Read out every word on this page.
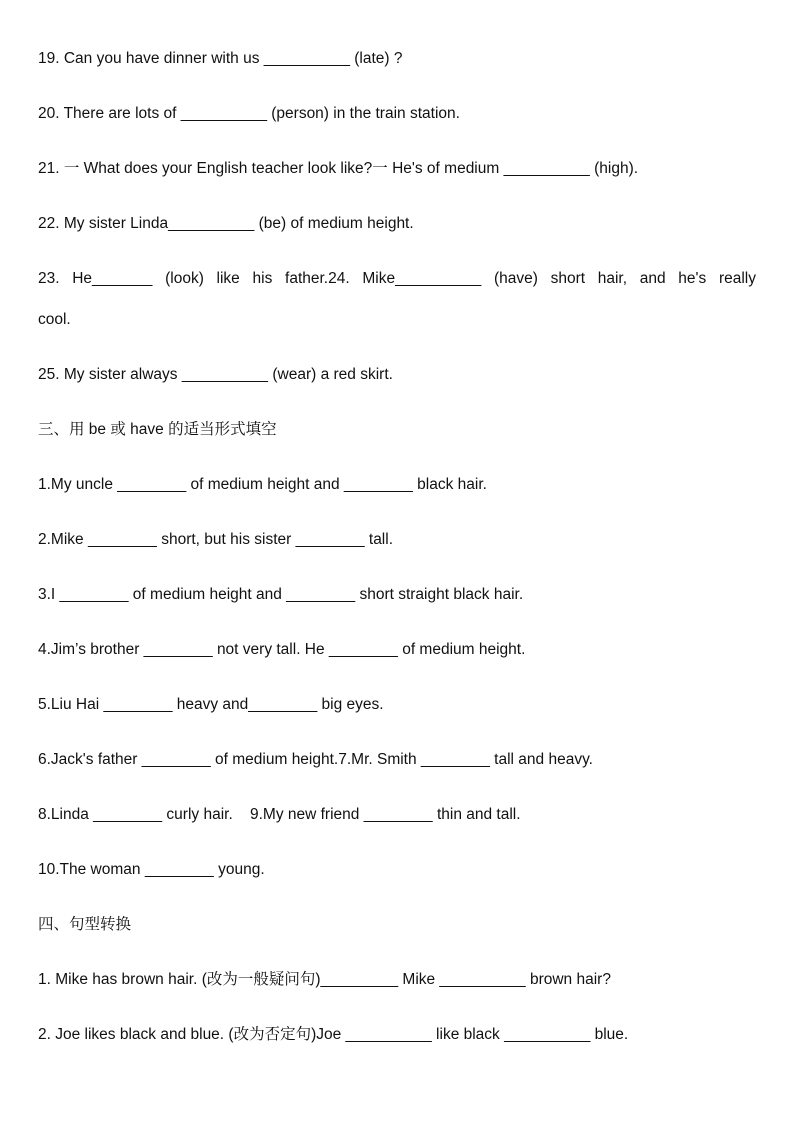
19. Can you have dinner with us __________ (late) ?
20. There are lots of __________ (person) in the train station.
21. 一 What does your English teacher look like?一 He's of medium __________ (high).
22. My sister Linda__________ (be) of medium height.
23. He_______ (look) like his father.24. Mike__________ (have) short hair, and he's really
cool.
25. My sister always __________ (wear) a red skirt.
三、用 be 或 have 的适当形式填空
1.My uncle ________ of medium height and ________ black hair.
2.Mike ________ short, but his sister ________ tall.
3.I ________ of medium height and ________ short straight black hair.
4.Jim’s brother ________ not very tall. He ________ of medium height.
5.Liu Hai ________ heavy and________ big eyes.
6.Jack's father ________ of medium height.7.Mr. Smith ________ tall and heavy.
8.Linda ________ curly hair.    9.My new friend ________ thin and tall.
10.The woman ________ young.
四、句型转换
1. Mike has brown hair. (改为一般疑问句)_________ Mike __________ brown hair?
2. Joe likes black and blue. (改为否定句)Joe __________ like black __________ blue.
